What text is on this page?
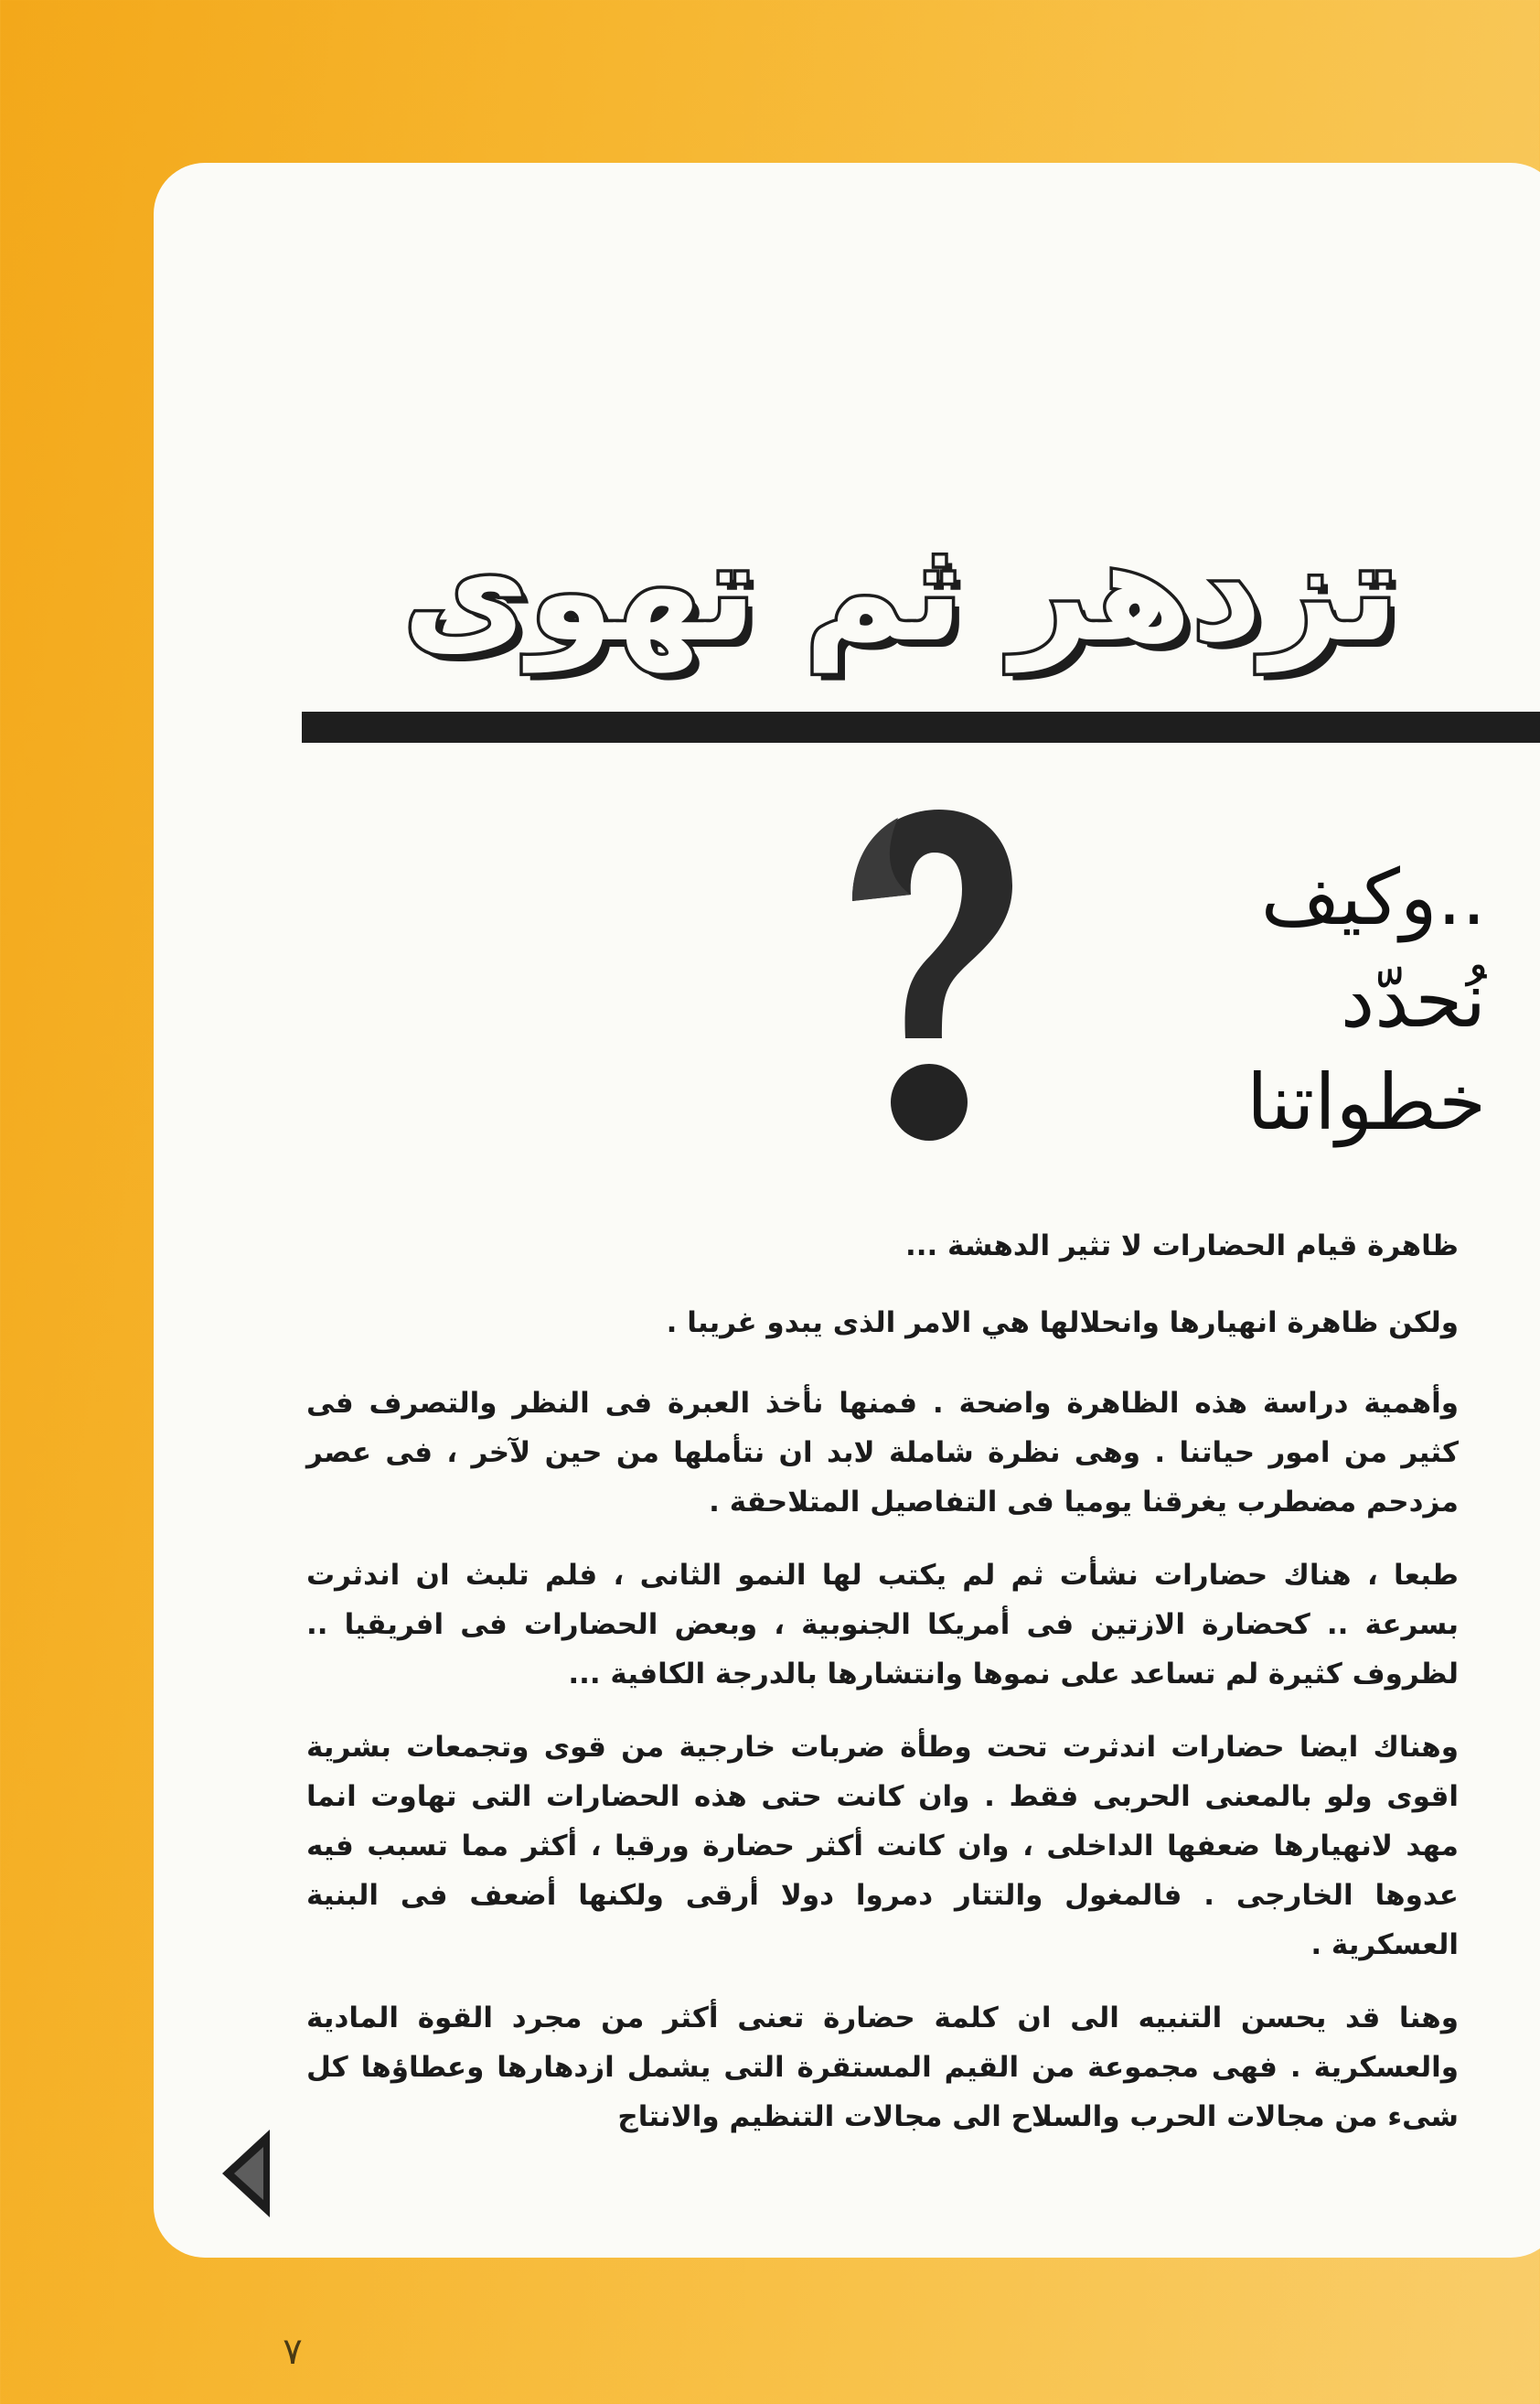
تزدهر ثم تهوى
..وكيف
نُحدّد
خطواتنا

ظاهرة قيام الحضارات لا تثير الدهشة ...

ولكن ظاهرة انهيارها وانحلالها هي الامر الذى يبدو غريبا .

وأهمية دراسة هذه الظاهرة واضحة . فمنها نأخذ العبرة فى النظر والتصرف فى كثير من امور حياتنا . وهى نظرة شاملة لابد ان نتأملها من حين لآخر ، فى عصر مزدحم مضطرب يغرقنا يوميا فى التفاصيل المتلاحقة .

طبعا ، هناك حضارات نشأت ثم لم يكتب لها النمو الثانى ، فلم تلبث ان اندثرت بسرعة .. كحضارة الازتين فى أمريكا الجنوبية ، وبعض الحضارات فى افريقيا .. لظروف كثيرة لم تساعد على نموها وانتشارها بالدرجة الكافية ...

وهناك ايضا حضارات اندثرت تحت وطأة ضربات خارجية من قوى وتجمعات بشرية اقوى ولو بالمعنى الحربى فقط . وان كانت حتى هذه الحضارات التى تهاوت انما مهد لانهيارها ضعفها الداخلى ، وان كانت أكثر حضارة ورقيا ، أكثر مما تسبب فيه عدوها الخارجى . فالمغول والتتار دمروا دولا أرقى ولكنها أضعف فى البنية العسكرية .

وهنا قد يحسن التنبيه الى ان كلمة حضارة تعنى أكثر من مجرد القوة المادية والعسكرية . فهى مجموعة من القيم المستقرة التى يشمل ازدهارها وعطاؤها كل شىء من مجالات الحرب والسلاح الى مجالات التنظيم والانتاج

٧
